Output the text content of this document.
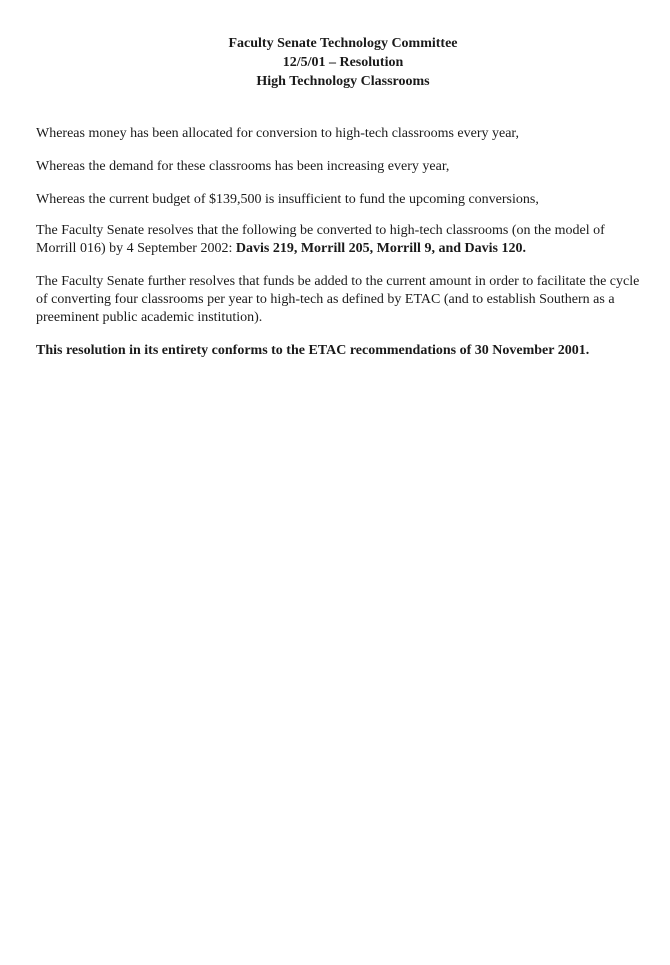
Faculty Senate Technology Committee
12/5/01 – Resolution
High Technology Classrooms

Whereas money has been allocated for conversion to high-tech classrooms every year,

Whereas the demand for these classrooms has been increasing every year,

Whereas the current budget of $139,500 is insufficient to fund the upcoming conversions,

The Faculty Senate resolves that the following be converted to high-tech classrooms (on the model of Morrill 016) by 4 September 2002: Davis 219, Morrill 205, Morrill 9, and Davis 120.

The Faculty Senate further resolves that funds be added to the current amount in order to facilitate the cycle of converting four classrooms per year to high-tech as defined by ETAC (and to establish Southern as a preeminent public academic institution).

This resolution in its entirety conforms to the ETAC recommendations of 30 November 2001.
